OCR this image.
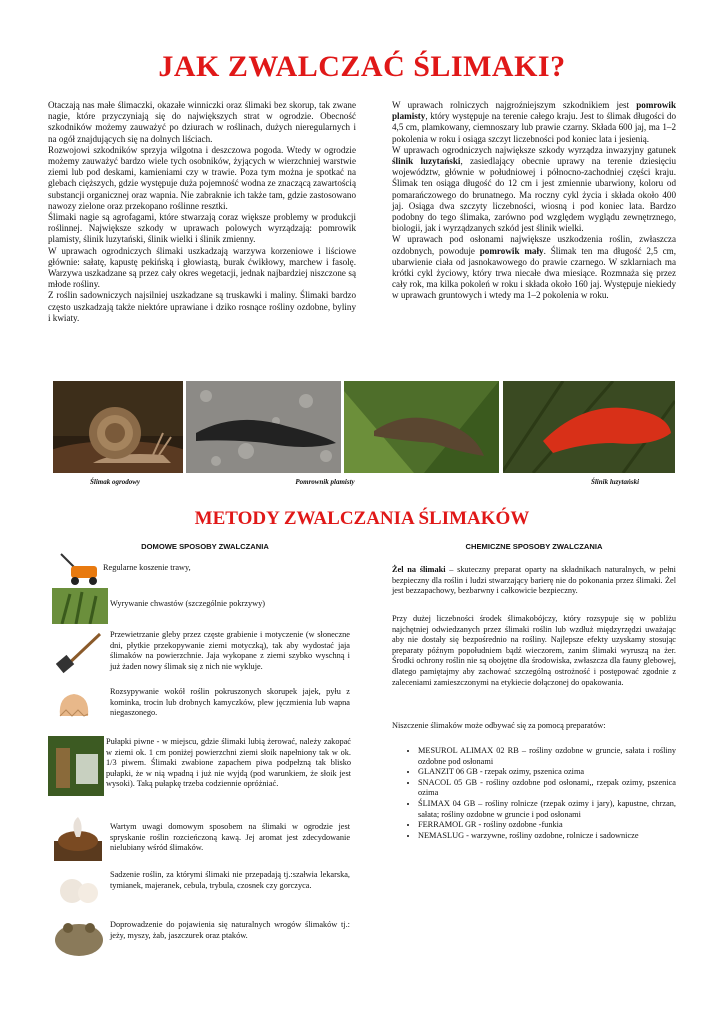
JAK ZWALCZAĆ ŚLIMAKI?

Otaczają nas małe ślimaczki, okazałe winniczki oraz ślimaki bez skorup, tak zwane nagie, które przyczyniają się do największych strat w ogrodzie. Obecność szkodników możemy zauważyć po dziurach w roślinach, dużych nieregularnych i na ogół znajdujących się na dolnych liściach.

Rozwojowi szkodników sprzyja wilgotna i deszczowa pogoda. Wtedy w ogrodzie możemy zauważyć bardzo wiele tych osobników, żyjących w wierzchniej warstwie ziemi lub pod deskami, kamieniami czy w trawie. Poza tym można je spotkać na glebach cięższych, gdzie występuje duża pojemność wodna ze znaczącą zawartością substancji organicznej oraz wapnia. Nie zabraknie ich także tam, gdzie zastosowano nawozy zielone oraz przekopano roślinne resztki.

Ślimaki nagie są agrofagami, które stwarzają coraz większe problemy w produkcji roślinnej. Największe szkody w uprawach polowych wyrządzają: pomrowik plamisty, ślinik luzytański, ślinik wielki i ślinik zmienny.

W uprawach ogrodniczych ślimaki uszkadzają warzywa korzeniowe i liściowe głównie: sałatę, kapustę pekińską i głowiastą, burak ćwikłowy, marchew i fasolę. Warzywa uszkadzane są przez cały okres wegetacji, jednak najbardziej niszczone są młode rośliny.

Z roślin sadowniczych najsilniej uszkadzane są truskawki i maliny. Ślimaki bardzo często uszkadzają także niektóre uprawiane i dziko rosnące rośliny ozdobne, byliny i kwiaty.

W uprawach rolniczych najgroźniejszym szkodnikiem jest pomrowik plamisty, który występuje na terenie całego kraju. Jest to ślimak długości do 4,5 cm, plamkowany, ciemnoszary lub prawie czarny. Składa 600 jaj, ma 1–2 pokolenia w roku i osiąga szczyt liczebności pod koniec lata i jesienią.

W uprawach ogrodniczych największe szkody wyrządza inwazyjny gatunek ślinik luzytański, zasiedlający obecnie uprawy na terenie dziesięciu województw, głównie w południowej i północno-zachodniej części kraju. Ślimak ten osiąga długość do 12 cm i jest zmiennie ubarwiony, koloru od pomarańczowego do brunatnego. Ma roczny cykl życia i składa około 400 jaj. Osiąga dwa szczyty liczebności, wiosną i pod koniec lata. Bardzo podobny do tego ślimaka, zarówno pod względem wyglądu zewnętrznego, biologii, jak i wyrządzanych szkód jest ślinik wielki.

W uprawach pod osłonami największe uszkodzenia roślin, zwłaszcza ozdobnych, powoduje pomrowik mały. Ślimak ten ma długość 2,5 cm, ubarwienie ciała od jasnokawowego do prawie czarnego. W szklarniach ma krótki cykl życiowy, który trwa niecałe dwa miesiące. Rozmnaża się przez cały rok, ma kilka pokoleń w roku i składa około 160 jaj. Występuje niekiedy w uprawach gruntowych i wtedy ma 1–2 pokolenia w roku.

Ślimak ogrodowy	Pomrownik plamisty	Ślinik luzytański
METODY ZWALCZANIA ŚLIMAKÓW
DOMOWE SPOSOBY ZWALCZANIA	CHEMICZNE SPOSOBY ZWALCZANIA
Regularne koszenie trawy,
Wyrywanie chwastów (szczególnie pokrzywy)
Przewietrzanie gleby przez częste grabienie i motyczenie (w słoneczne dni, płytkie przekopywanie ziemi motyczką), tak aby wydostać jaja ślimaków na powierzchnie. Jaja wykopane z ziemi szybko wyschną i już żaden nowy ślimak się z nich nie wykluje.
Rozsypywanie wokół roślin pokruszonych skorupek jajek, pyłu z kominka, trocin lub drobnych kamyczków, plew jęczmienia lub wapna niegaszonego.
Pułapki piwne - w miejscu, gdzie ślimaki lubią żerować, należy zakopać w ziemi ok. 1 cm poniżej powierzchni ziemi słoik napełniony tak w ok. 1/3 piwem. Ślimaki zwabione zapachem piwa podpełzną tak blisko pułapki, że w nią wpadną i już nie wyjdą (pod warunkiem, że słoik jest wysoki). Taką pułapkę trzeba codziennie opróżniać.
Wartym uwagi domowym sposobem na ślimaki w ogrodzie jest spryskanie roślin rozcieńczoną kawą. Jej aromat jest zdecydowanie nielubiany wśród ślimaków.
Sadzenie roślin, za którymi ślimaki nie przepadają tj.:szałwia lekarska, tymianek, majeranek, cebula, trybula, czosnek czy gorczyca.
Doprowadzenie do pojawienia się naturalnych wrogów ślimaków tj.: jeży, myszy, żab, jaszczurek oraz ptaków.
Żel na ślimaki – skuteczny preparat oparty na składnikach naturalnych, w pełni bezpieczny dla roślin i ludzi stwarzający barierę nie do pokonania przez ślimaki. Żel jest bezzapachowy, bezbarwny i całkowicie bezpieczny.
Przy dużej liczebności środek ślimakobójczy, który rozsypuje się w pobliżu najchętniej odwiedzanych przez ślimaki roślin lub wzdłuż międzyrzędzi uważając aby nie dostały się bezpośrednio na rośliny. Najlepsze efekty uzyskamy stosując preparaty późnym popołudniem bądź wieczorem, zanim ślimaki wyruszą na żer. Środki ochrony roślin nie są obojętne dla środowiska, zwłaszcza dla fauny glebowej, dlatego pamiętajmy aby zachować szczególną ostrożność i postępować zgodnie z zaleceniami zamieszczonymi na etykiecie dołączonej do opakowania.
Niszczenie ślimaków może odbywać się za pomocą preparatów:
• MESUROL ALIMAX 02 RB – rośliny ozdobne w gruncie, sałata i rośliny ozdobne pod osłonami
• GLANZIT 06 GB - rzepak ozimy, pszenica ozima
• SNACOL 05 GB - rośliny ozdobne pod osłonami,, rzepak ozimy, pszenica ozima
• ŚLIMAX 04 GB – rośliny rolnicze (rzepak ozimy i jary), kapustne, chrzan, sałata; rośliny ozdobne w gruncie i pod osłonami
• FERRAMOL GR - rośliny ozdobne -funkia
• NEMASLUG - warzywne, rośliny ozdobne, rolnicze i sadownicze
